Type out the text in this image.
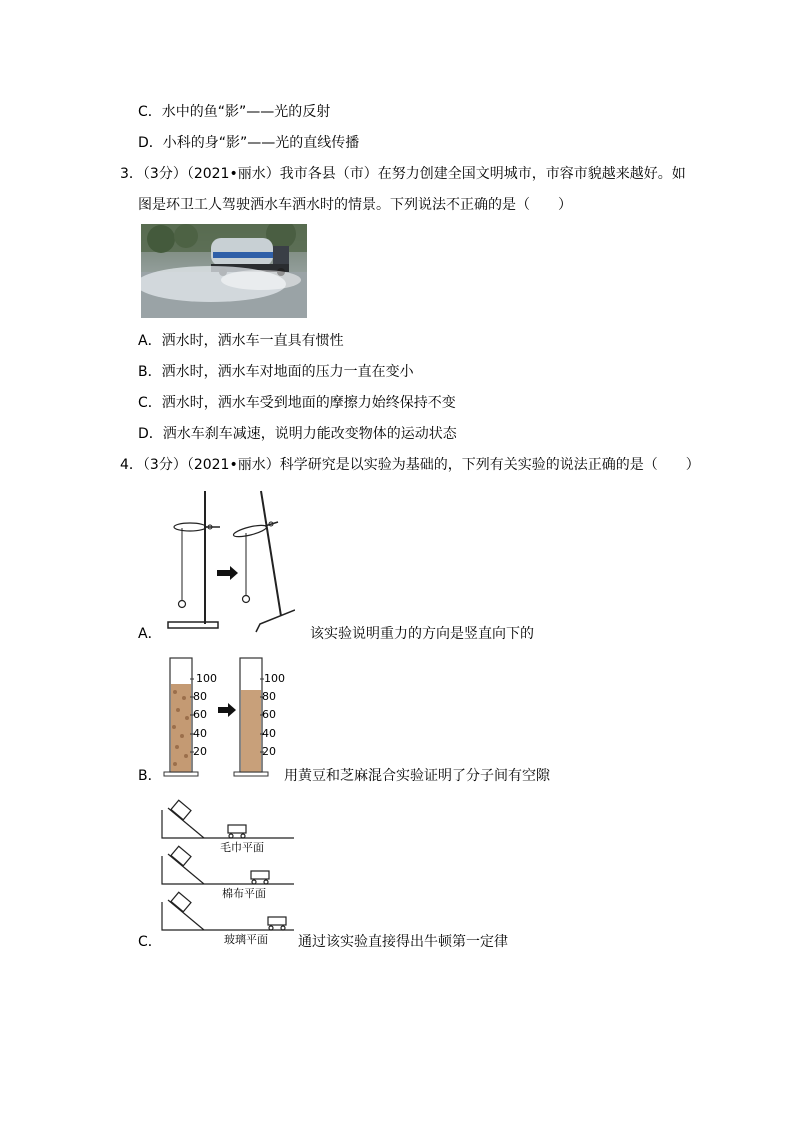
C．水中的鱼“影”——光的反射
D．小科的身“影”——光的直线传播
3．（3分）（2021•丽水）我市各县（市）在努力创建全国文明城市，市容市貌越来越好。如
图是环卫工人驾驶洒水车洒水时的情景。下列说法不正确的是（　　）
A．洒水时，洒水车一直具有惯性
B．洒水时，洒水车对地面的压力一直在变小
C．洒水时，洒水车受到地面的摩擦力始终保持不变
D．洒水车刹车减速，说明力能改变物体的运动状态
4．（3分）（2021•丽水）科学研究是以实验为基础的，下列有关实验的说法正确的是（　　）
A．	该实验说明重力的方向是竖直向下的
100
80
60
40
20
100
80
60
40
20
B．	用黄豆和芝麻混合实验证明了分子间有空隙
毛巾平面
棉布平面
玻璃平面
C．	通过该实验直接得出牛顿第一定律
